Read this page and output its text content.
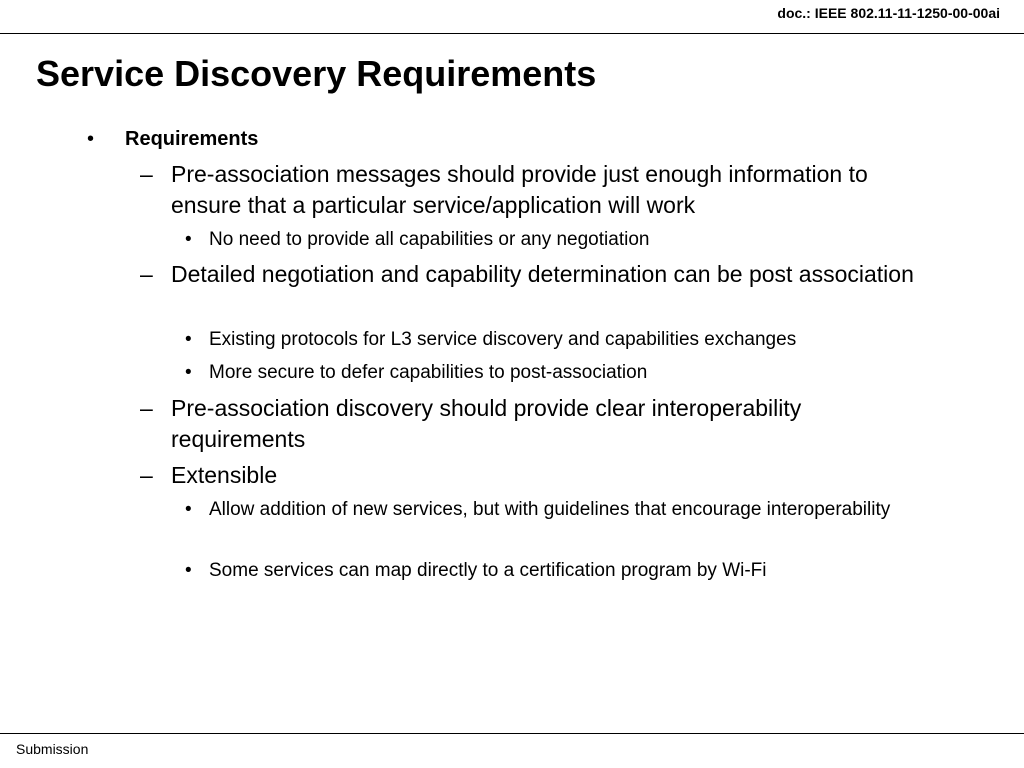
doc.: IEEE 802.11-11-1250-00-00ai
Service Discovery Requirements
• Requirements
– Pre-association messages should provide just enough information to ensure that a particular service/application will work
• No need to provide all capabilities or any negotiation
– Detailed negotiation and capability determination can be post association
• Existing protocols for L3 service discovery and capabilities exchanges
• More secure to defer capabilities to post-association
– Pre-association discovery should provide clear interoperability requirements
– Extensible
• Allow addition of new services, but with guidelines that encourage interoperability
• Some services can map directly to a certification program by Wi-Fi
Submission
